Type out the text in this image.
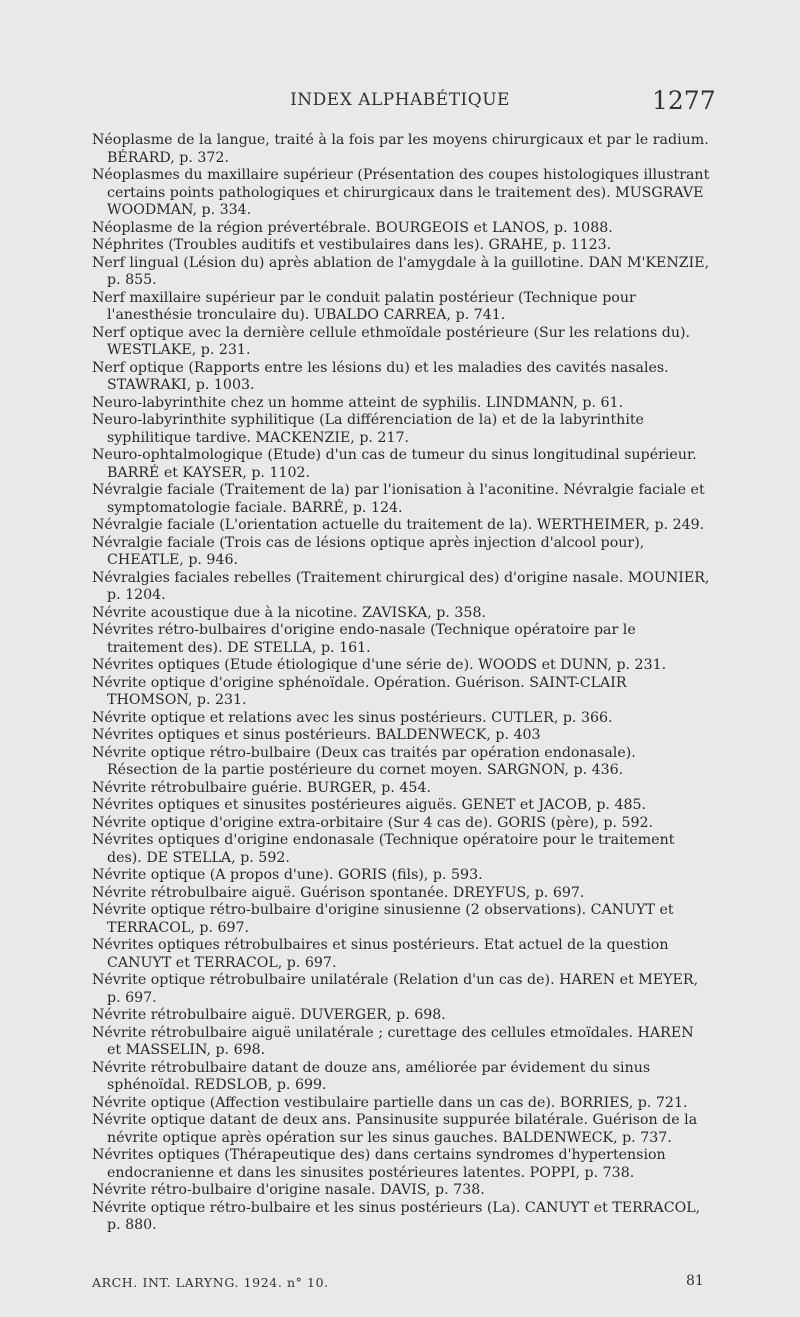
INDEX ALPHABÉTIQUE	1277

Néoplasme de la langue, traité à la fois par les moyens chirurgicaux et par le radium. BÉRARD, p. 372.

Néoplasmes du maxillaire supérieur (Présentation des coupes histologiques illustrant certains points pathologiques et chirurgicaux dans le traitement des). MUSGRAVE WOODMAN, p. 334.

Néoplasme de la région prévertébrale. BOURGEOIS et LANOS, p. 1088.

Néphrites (Troubles auditifs et vestibulaires dans les). GRAHE, p. 1123.

Nerf lingual (Lésion du) après ablation de l'amygdale à la guillotine. DAN M'KENZIE, p. 855.

Nerf maxillaire supérieur par le conduit palatin postérieur (Technique pour l'anesthésie tronculaire du). UBALDO CARREA, p. 741.

Nerf optique avec la dernière cellule ethmoïdale postérieure (Sur les relations du). WESTLAKE, p. 231.

Nerf optique (Rapports entre les lésions du) et les maladies des cavités nasales. STAWRAKI, p. 1003.

Neuro-labyrinthite chez un homme atteint de syphilis. LINDMANN, p. 61.

Neuro-labyrinthite syphilitique (La différenciation de la) et de la labyrinthite syphilitique tardive. MACKENZIE, p. 217.

Neuro-ophtalmologique (Etude) d'un cas de tumeur du sinus longitudinal supérieur. BARRÉ et KAYSER, p. 1102.

Névralgie faciale (Traitement de la) par l'ionisation à l'aconitine. Névralgie faciale et symptomatologie faciale. BARRÉ, p. 124.

Névralgie faciale (L'orientation actuelle du traitement de la). WERTHEIMER, p. 249.

Névralgie faciale (Trois cas de lésions optique après injection d'alcool pour), CHEATLE, p. 946.

Névralgies faciales rebelles (Traitement chirurgical des) d'origine nasale. MOUNIER, p. 1204.

Névrite acoustique due à la nicotine. ZAVISKA, p. 358.

Névrites rétro-bulbaires d'origine endo-nasale (Technique opératoire par le traitement des). DE STELLA, p. 161.

Névrites optiques (Etude étiologique d'une série de). WOODS et DUNN, p. 231.

Névrite optique d'origine sphénoïdale. Opération. Guérison. SAINT-CLAIR THOMSON, p. 231.

Névrite optique et relations avec les sinus postérieurs. CUTLER, p. 366.

Névrites optiques et sinus postérieurs. BALDENWECK, p. 403

Névrite optique rétro-bulbaire (Deux cas traités par opération endonasale). Résection de la partie postérieure du cornet moyen. SARGNON, p. 436.

Névrite rétrobulbaire guérie. BURGER, p. 454.

Névrites optiques et sinusites postérieures aiguës. GENET et JACOB, p. 485.

Névrite optique d'origine extra-orbitaire (Sur 4 cas de). GORIS (père), p. 592.

Névrites optiques d'origine endonasale (Technique opératoire pour le traitement des). DE STELLA, p. 592.

Névrite optique (A propos d'une). GORIS (fils), p. 593.

Névrite rétrobulbaire aiguë. Guérison spontanée. DREYFUS, p. 697.

Névrite optique rétro-bulbaire d'origine sinusienne (2 observations). CANUYT et TERRACOL, p. 697.

Névrites optiques rétrobulbaires et sinus postérieurs. Etat actuel de la question CANUYT et TERRACOL, p. 697.

Névrite optique rétrobulbaire unilatérale (Relation d'un cas de). HAREN et MEYER, p. 697.

Névrite rétrobulbaire aiguë. DUVERGER, p. 698.

Névrite rétrobulbaire aiguë unilatérale ; curettage des cellules etmoïdales. HAREN et MASSELIN, p. 698.

Névrite rétrobulbaire datant de douze ans, améliorée par évidement du sinus sphénoïdal. REDSLOB, p. 699.

Névrite optique (Affection vestibulaire partielle dans un cas de). BORRIES, p. 721.

Névrite optique datant de deux ans. Pansinusite suppurée bilatérale. Guérison de la névrite optique après opération sur les sinus gauches. BALDENWECK, p. 737.

Névrites optiques (Thérapeutique des) dans certains syndromes d'hypertension endocranienne et dans les sinusites postérieures latentes. POPPI, p. 738.

Névrite rétro-bulbaire d'origine nasale. DAVIS, p. 738.

Névrite optique rétro-bulbaire et les sinus postérieurs (La). CANUYT et TERRACOL, p. 880.

ARCH. INT. LARYNG. 1924. n° 10.	81
